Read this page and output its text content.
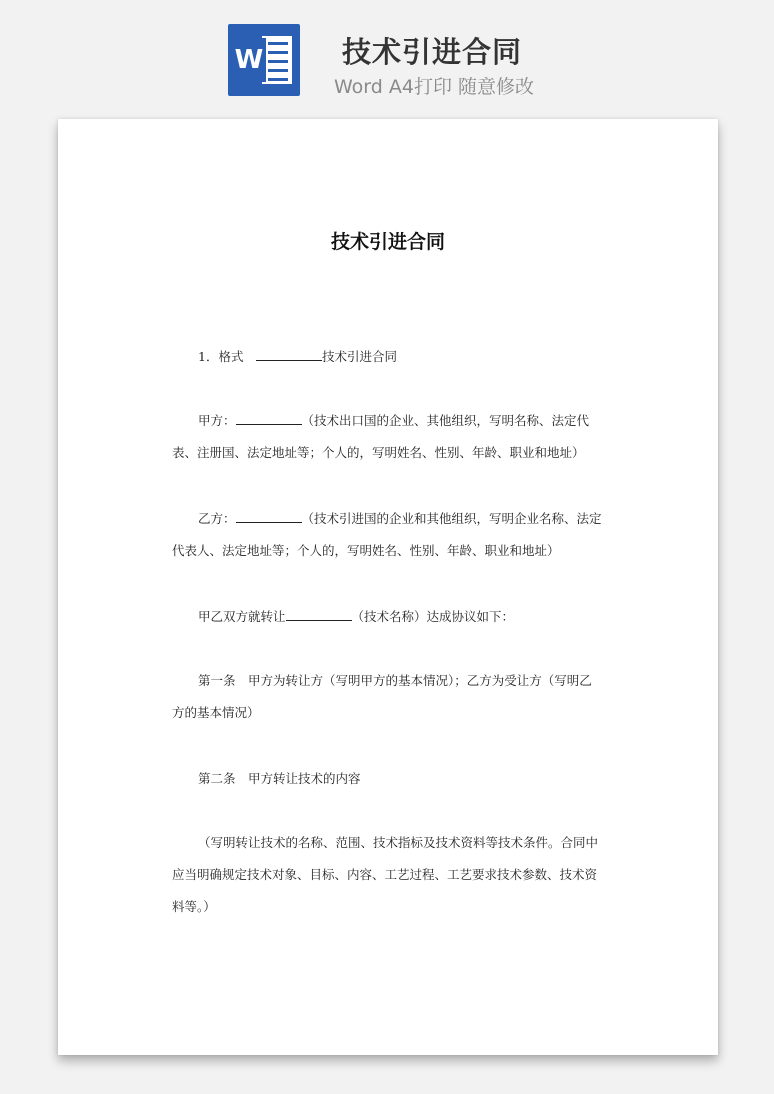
W	技术引进合同
Word A4打印 随意修改
技术引进合同
1．格式　	技术引进合同
甲方：	（技术出口国的企业、其他组织，写明名称、法定代表、注册国、法定地址等；个人的，写明姓名、性别、年龄、职业和地址）
乙方：	（技术引进国的企业和其他组织，写明企业名称、法定代表人、法定地址等；个人的，写明姓名、性别、年龄、职业和地址）
甲乙双方就转让	（技术名称）达成协议如下：
第一条　甲方为转让方（写明甲方的基本情况）；乙方为受让方（写明乙方的基本情况）
第二条　甲方转让技术的内容
（写明转让技术的名称、范围、技术指标及技术资料等技术条件。合同中应当明确规定技术对象、目标、内容、工艺过程、工艺要求技术参数、技术资料等。）
